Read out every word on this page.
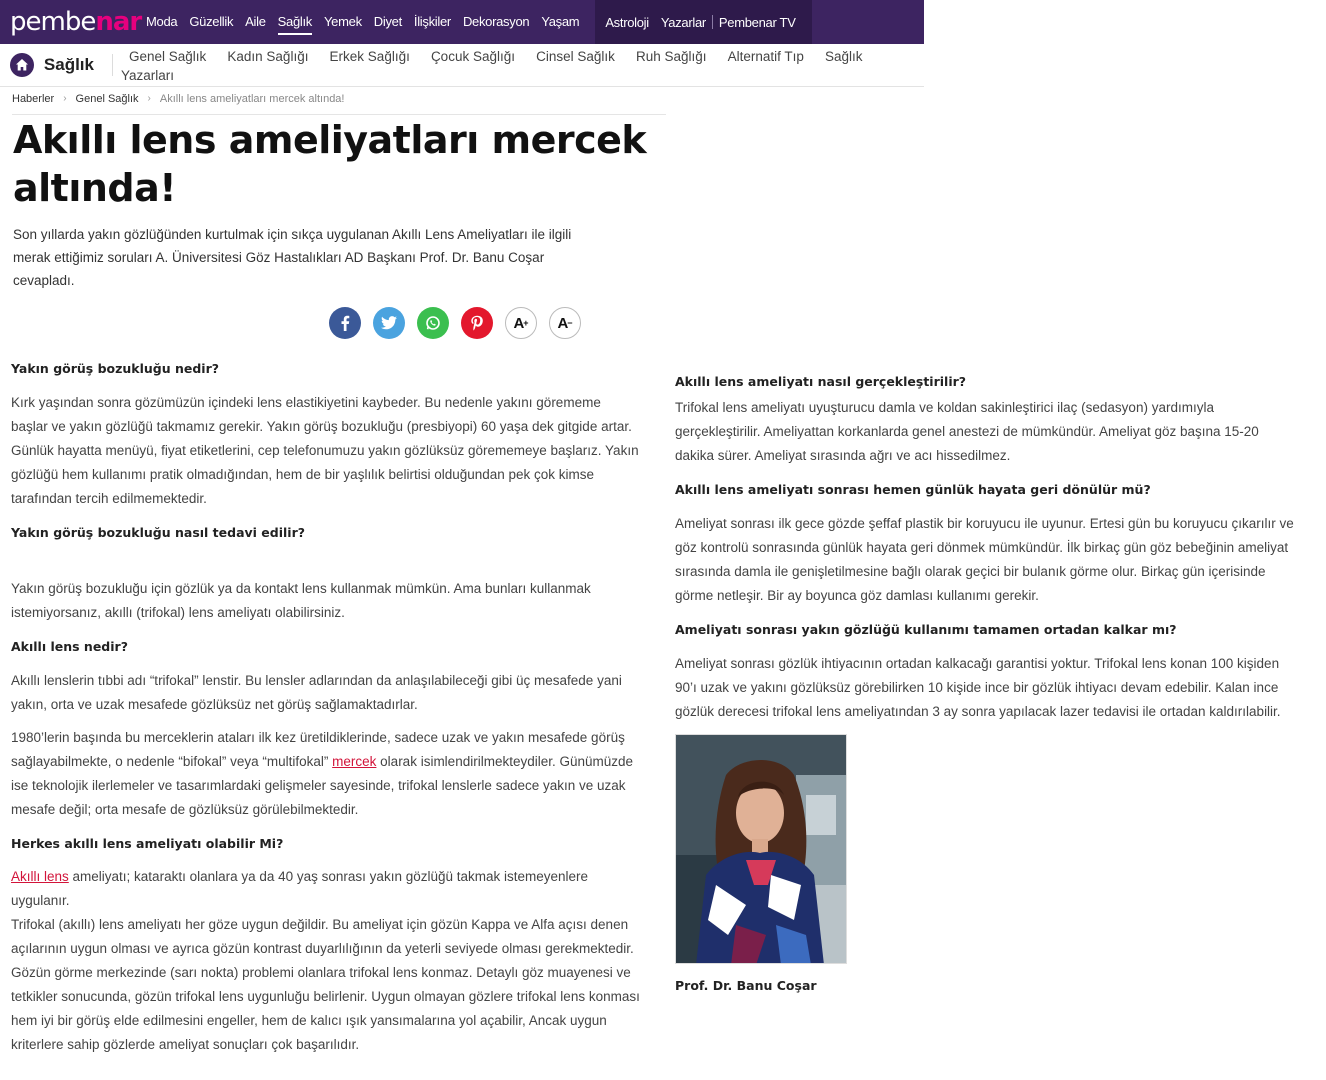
pembe nar Moda Güzellik Aile Sağlık Yemek Diyet İlişkiler Dekorasyon Yaşam	Astroloji Yazarlar	Pembenar TV
Sağlık	Genel Sağlık Kadın Sağlığı Erkek Sağlığı Çocuk Sağlığı Cinsel Sağlık Ruh Sağlığı Alternatif Tıp Sağlık Yazarları
Haberler › Genel Sağlık › Akıllı lens ameliyatları mercek altında!
Akıllı lens ameliyatları mercek altında!

Son yıllarda yakın gözlüğünden kurtulmak için sıkça uygulanan Akıllı Lens Ameliyatları ile ilgili merak ettiğimiz soruları A. Üniversitesi Göz Hastalıkları AD Başkanı Prof. Dr. Banu Coşar cevapladı.

A + A −
Yakın görüş bozukluğu nedir?

Kırk yaşından sonra gözümüzün içindeki lens elastikiyetini kaybeder. Bu nedenle yakını görememe başlar ve yakın gözlüğü takmamız gerekir. Yakın görüş bozukluğu (presbiyopi) 60 yaşa dek gitgide artar. Günlük hayatta menüyü, fiyat etiketlerini, cep telefonumuzu yakın gözlüksüz görememeye başlarız. Yakın gözlüğü hem kullanımı pratik olmadığından, hem de bir yaşlılık belirtisi olduğundan pek çok kimse tarafından tercih edilmemektedir.

Yakın görüş bozukluğu nasıl tedavi edilir?

Yakın görüş bozukluğu için gözlük ya da kontakt lens kullanmak mümkün. Ama bunları kullanmak istemiyorsanız, akıllı (trifokal) lens ameliyatı olabilirsiniz.

Akıllı lens nedir?

Akıllı lenslerin tıbbi adı “trifokal” lenstir. Bu lensler adlarından da anlaşılabileceği gibi üç mesafede yani yakın, orta ve uzak mesafede gözlüksüz net görüş sağlamaktadırlar.

1980’lerin başında bu merceklerin ataları ilk kez üretildiklerinde, sadece uzak ve yakın mesafede görüş sağlayabilmekte, o nedenle “bifokal” veya “multifokal” mercek olarak isimlendirilmekteydiler. Günümüzde ise teknolojik ilerlemeler ve tasarımlardaki gelişmeler sayesinde, trifokal lenslerle sadece yakın ve uzak mesafe değil; orta mesafe de gözlüksüz görülebilmektedir.

Herkes akıllı lens ameliyatı olabilir Mi?

Akıllı lens ameliyatı; kataraktı olanlara ya da 40 yaş sonrası yakın gözlüğü takmak istemeyenlere uygulanır.

Trifokal (akıllı) lens ameliyatı her göze uygun değildir. Bu ameliyat için gözün Kappa ve Alfa açısı denen açılarının uygun olması ve ayrıca gözün kontrast duyarlılığının da yeterli seviyede olması gerekmektedir. Gözün görme merkezinde (sarı nokta) problemi olanlara trifokal lens konmaz. Detaylı göz muayenesi ve tetkikler sonucunda, gözün trifokal lens uygunluğu belirlenir. Uygun olmayan gözlere trifokal lens konması hem iyi bir görüş elde edilmesini engeller, hem de kalıcı ışık yansımalarına yol açabilir, Ancak uygun kriterlere sahip gözlerde ameliyat sonuçları çok başarılıdır.

Akıllı lens ameliyatı nasıl gerçekleştirilir?

Trifokal lens ameliyatı uyuşturucu damla ve koldan sakinleştirici ilaç (sedasyon) yardımıyla gerçekleştirilir. Ameliyattan korkanlarda genel anestezi de mümkündür. Ameliyat göz başına 15-20 dakika sürer. Ameliyat sırasında ağrı ve acı hissedilmez.

Akıllı lens ameliyatı sonrası hemen günlük hayata geri dönülür mü?

Ameliyat sonrası ilk gece gözde şeffaf plastik bir koruyucu ile uyunur. Ertesi gün bu koruyucu çıkarılır ve göz kontrolü sonrasında günlük hayata geri dönmek mümkündür. İlk birkaç gün göz bebeğinin ameliyat sırasında damla ile genişletilmesine bağlı olarak geçici bir bulanık görme olur. Birkaç gün içerisinde görme netleşir. Bir ay boyunca göz damlası kullanımı gerekir.

Ameliyatı sonrası yakın gözlüğü kullanımı tamamen ortadan kalkar mı?

Ameliyat sonrası gözlük ihtiyacının ortadan kalkacağı garantisi yoktur. Trifokal lens konan 100 kişiden 90’ı uzak ve yakını gözlüksüz görebilirken 10 kişide ince bir gözlük ihtiyacı devam edebilir. Kalan ince gözlük derecesi trifokal lens ameliyatından 3 ay sonra yapılacak lazer tedavisi ile ortadan kaldırılabilir.

Prof. Dr. Banu Coşar
